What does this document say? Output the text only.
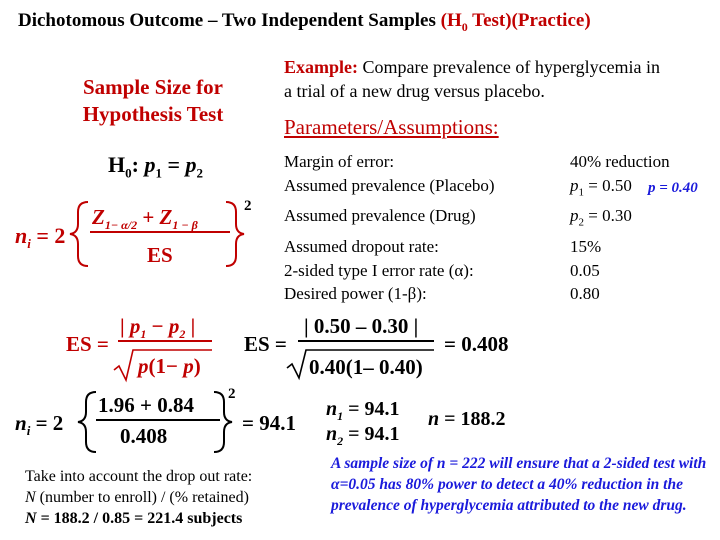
Dichotomous Outcome – Two Independent Samples ($H_0$ Test)(Practice)
Sample Size for Hypothesis Test
Example: Compare prevalence of hyperglycemia in
a trial of a new drug versus placebo.
Parameters/Assumptions:
Margin of error:	40% reduction
Assumed prevalence (Placebo)	$p_1 = 0.50$
Assumed prevalence (Drug)	$p_2 = 0.30$
Assumed dropout rate:	15%
2-sided type I error rate (α):	0.05
Desired power (1-β):	0.80
p = 0.40
$H_0$: $p_1 = p_2$
$n_i = 2$
$Z_{1- \alpha/2} + Z_{1 - \beta}$
ES
2
ES =
| $p_1 - p_2$ |
p(1− p)
ES =
| 0.50 – 0.30 |
0.40(1– 0.40)
= 0.408
$n_i = 2$
1.96 + 0.84
0.408
2
= 94.1
$n_1 = 94.1$
$n_2 = 94.1$
n = 188.2
Take into account the drop out rate:
N (number to enroll) / (% retained)
N = 188.2 / 0.85 = 221.4 subjects
A sample size of n = 222 will ensure that a 2-sided test with α=0.05 has 80% power to detect a 40% reduction in the prevalence of hyperglycemia attributed to the new drug.
